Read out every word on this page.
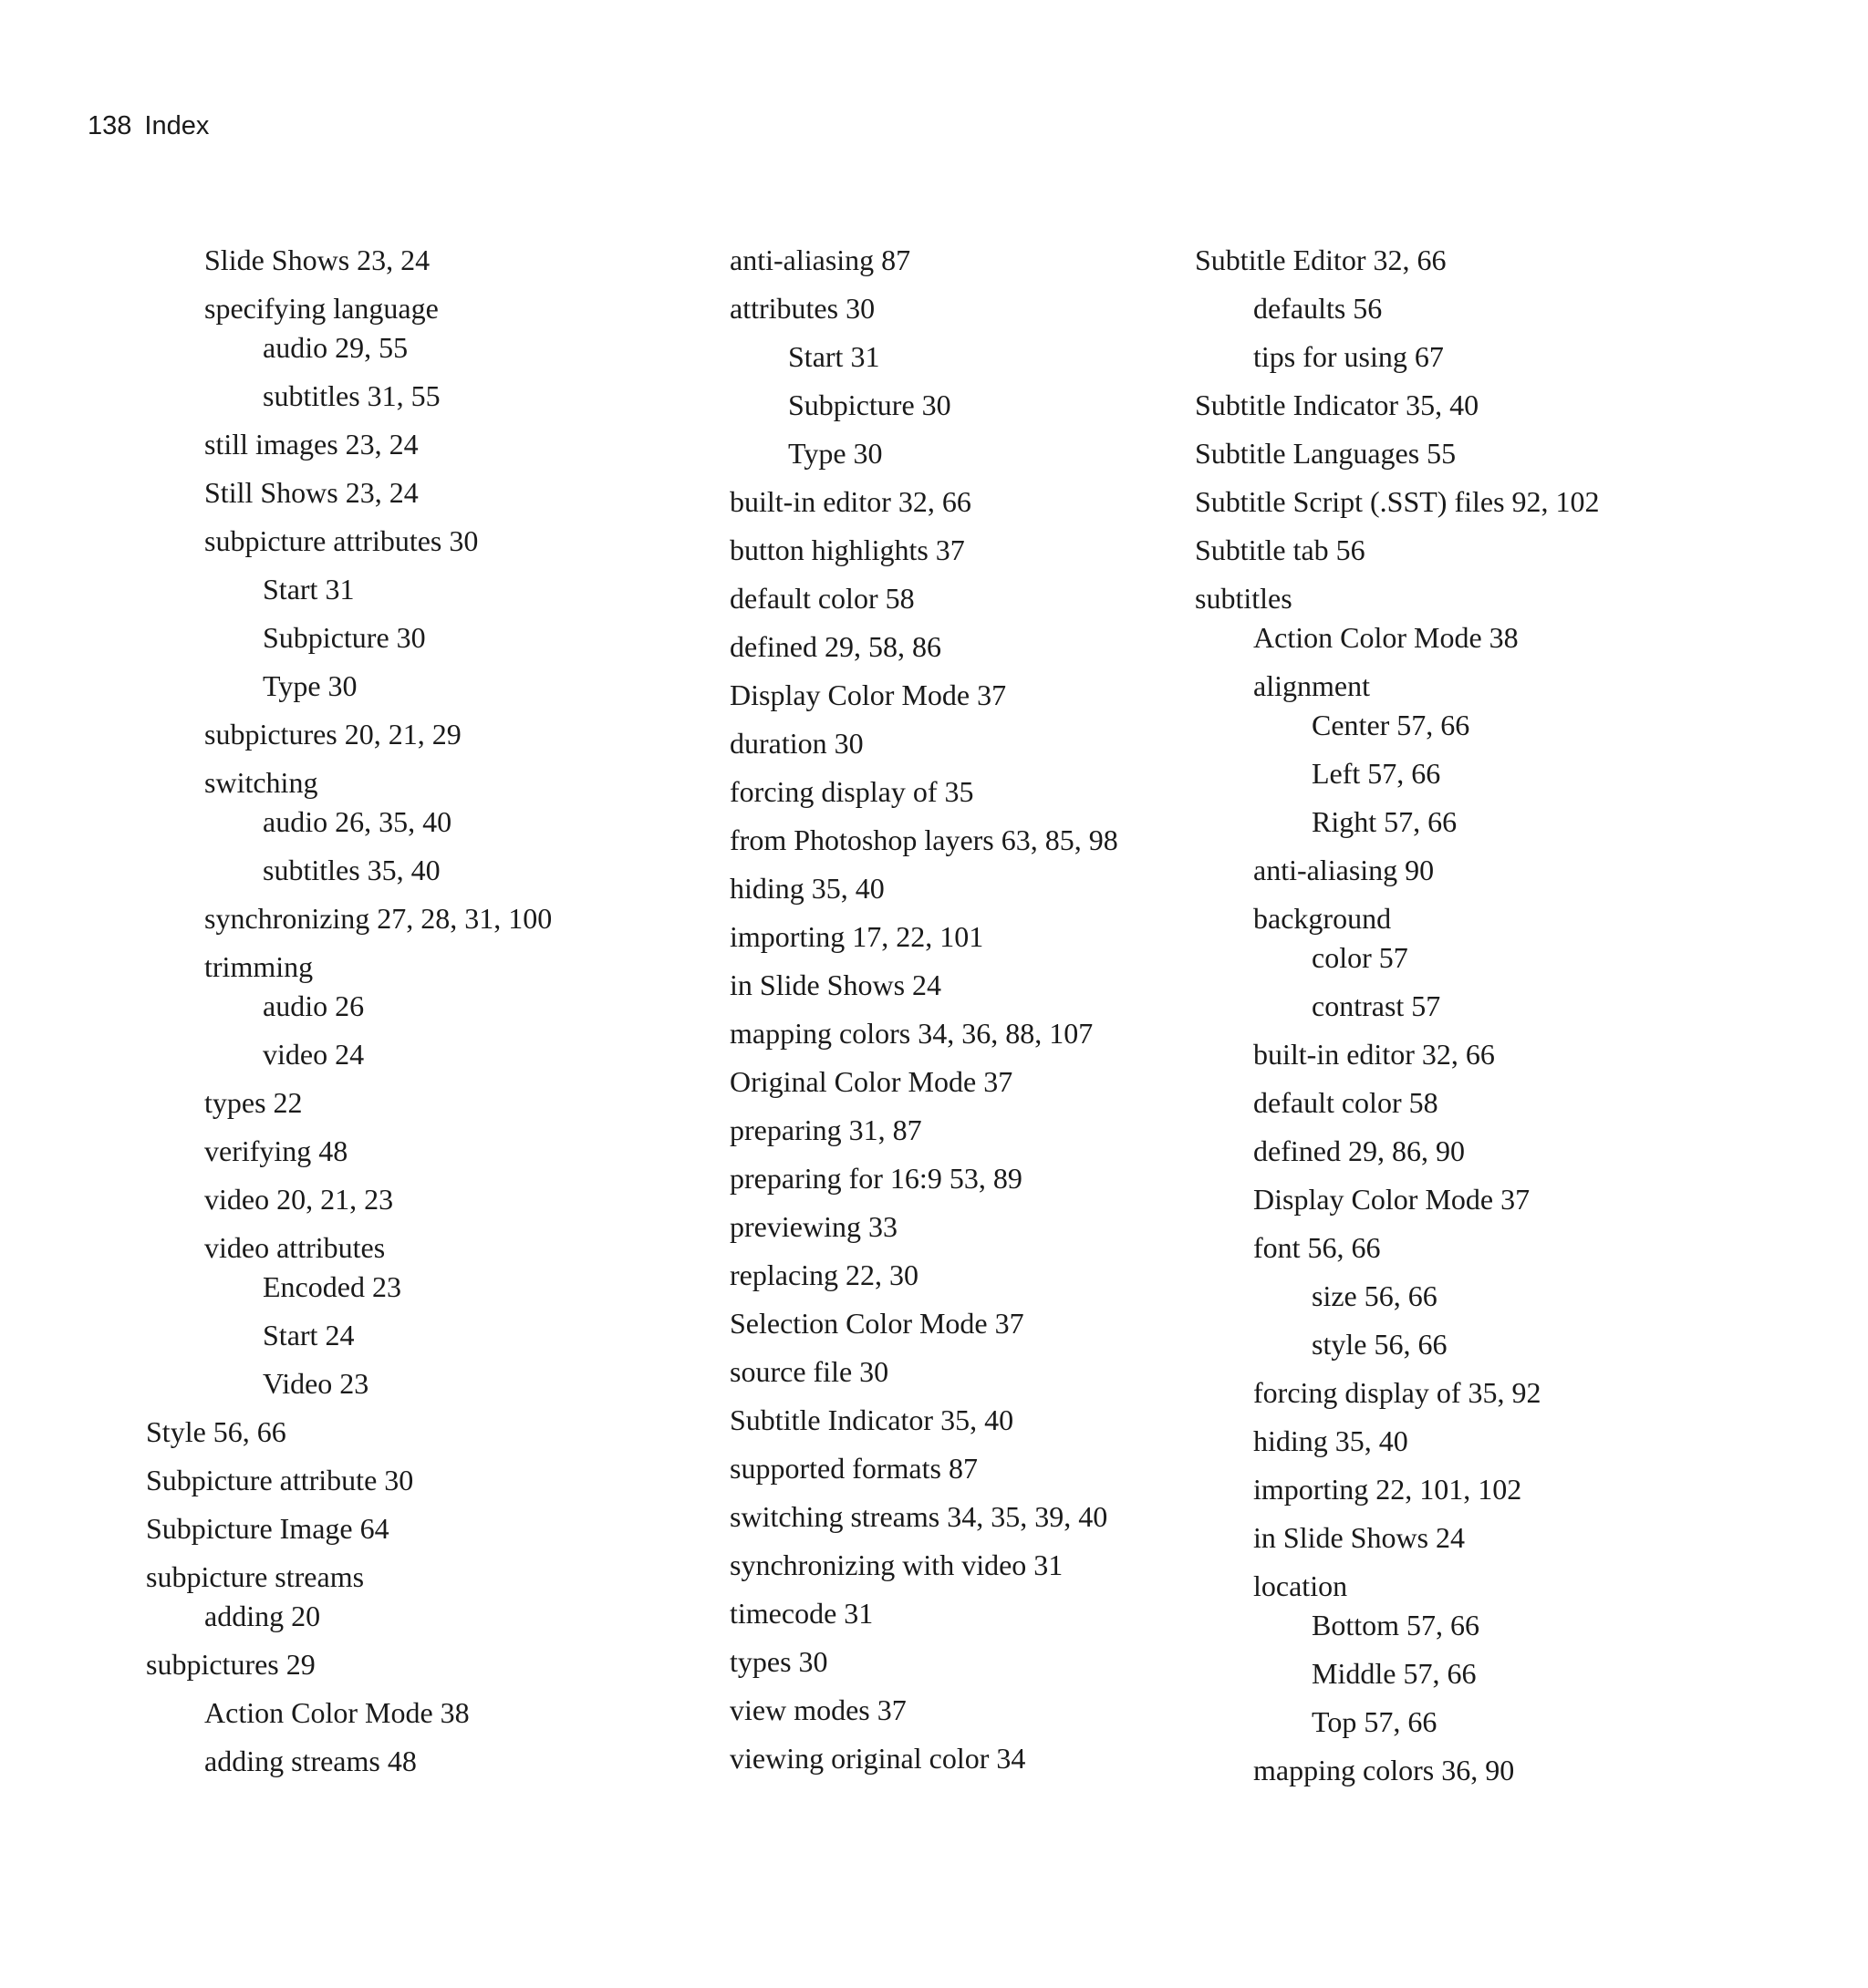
138 Index
Slide Shows 23, 24
specifying language
audio 29, 55
subtitles 31, 55
still images 23, 24
Still Shows 23, 24
subpicture attributes 30
Start 31
Subpicture 30
Type 30
subpictures 20, 21, 29
switching
audio 26, 35, 40
subtitles 35, 40
synchronizing 27, 28, 31, 100
trimming
audio 26
video 24
types 22
verifying 48
video 20, 21, 23
video attributes
Encoded 23
Start 24
Video 23
Style 56, 66
Subpicture attribute 30
Subpicture Image 64
subpicture streams
adding 20
subpictures 29
Action Color Mode 38
adding streams 48
anti-aliasing 87
attributes 30
Start 31
Subpicture 30
Type 30
built-in editor 32, 66
button highlights 37
default color 58
defined 29, 58, 86
Display Color Mode 37
duration 30
forcing display of 35
from Photoshop layers 63, 85, 98
hiding 35, 40
importing 17, 22, 101
in Slide Shows 24
mapping colors 34, 36, 88, 107
Original Color Mode 37
preparing 31, 87
preparing for 16:9 53, 89
previewing 33
replacing 22, 30
Selection Color Mode 37
source file 30
Subtitle Indicator 35, 40
supported formats 87
switching streams 34, 35, 39, 40
synchronizing with video 31
timecode 31
types 30
view modes 37
viewing original color 34
Subtitle Editor 32, 66
defaults 56
tips for using 67
Subtitle Indicator 35, 40
Subtitle Languages 55
Subtitle Script (.SST) files 92, 102
Subtitle tab 56
subtitles
Action Color Mode 38
alignment
Center 57, 66
Left 57, 66
Right 57, 66
anti-aliasing 90
background
color 57
contrast 57
built-in editor 32, 66
default color 58
defined 29, 86, 90
Display Color Mode 37
font 56, 66
size 56, 66
style 56, 66
forcing display of 35, 92
hiding 35, 40
importing 22, 101, 102
in Slide Shows 24
location
Bottom 57, 66
Middle 57, 66
Top 57, 66
mapping colors 36, 90
